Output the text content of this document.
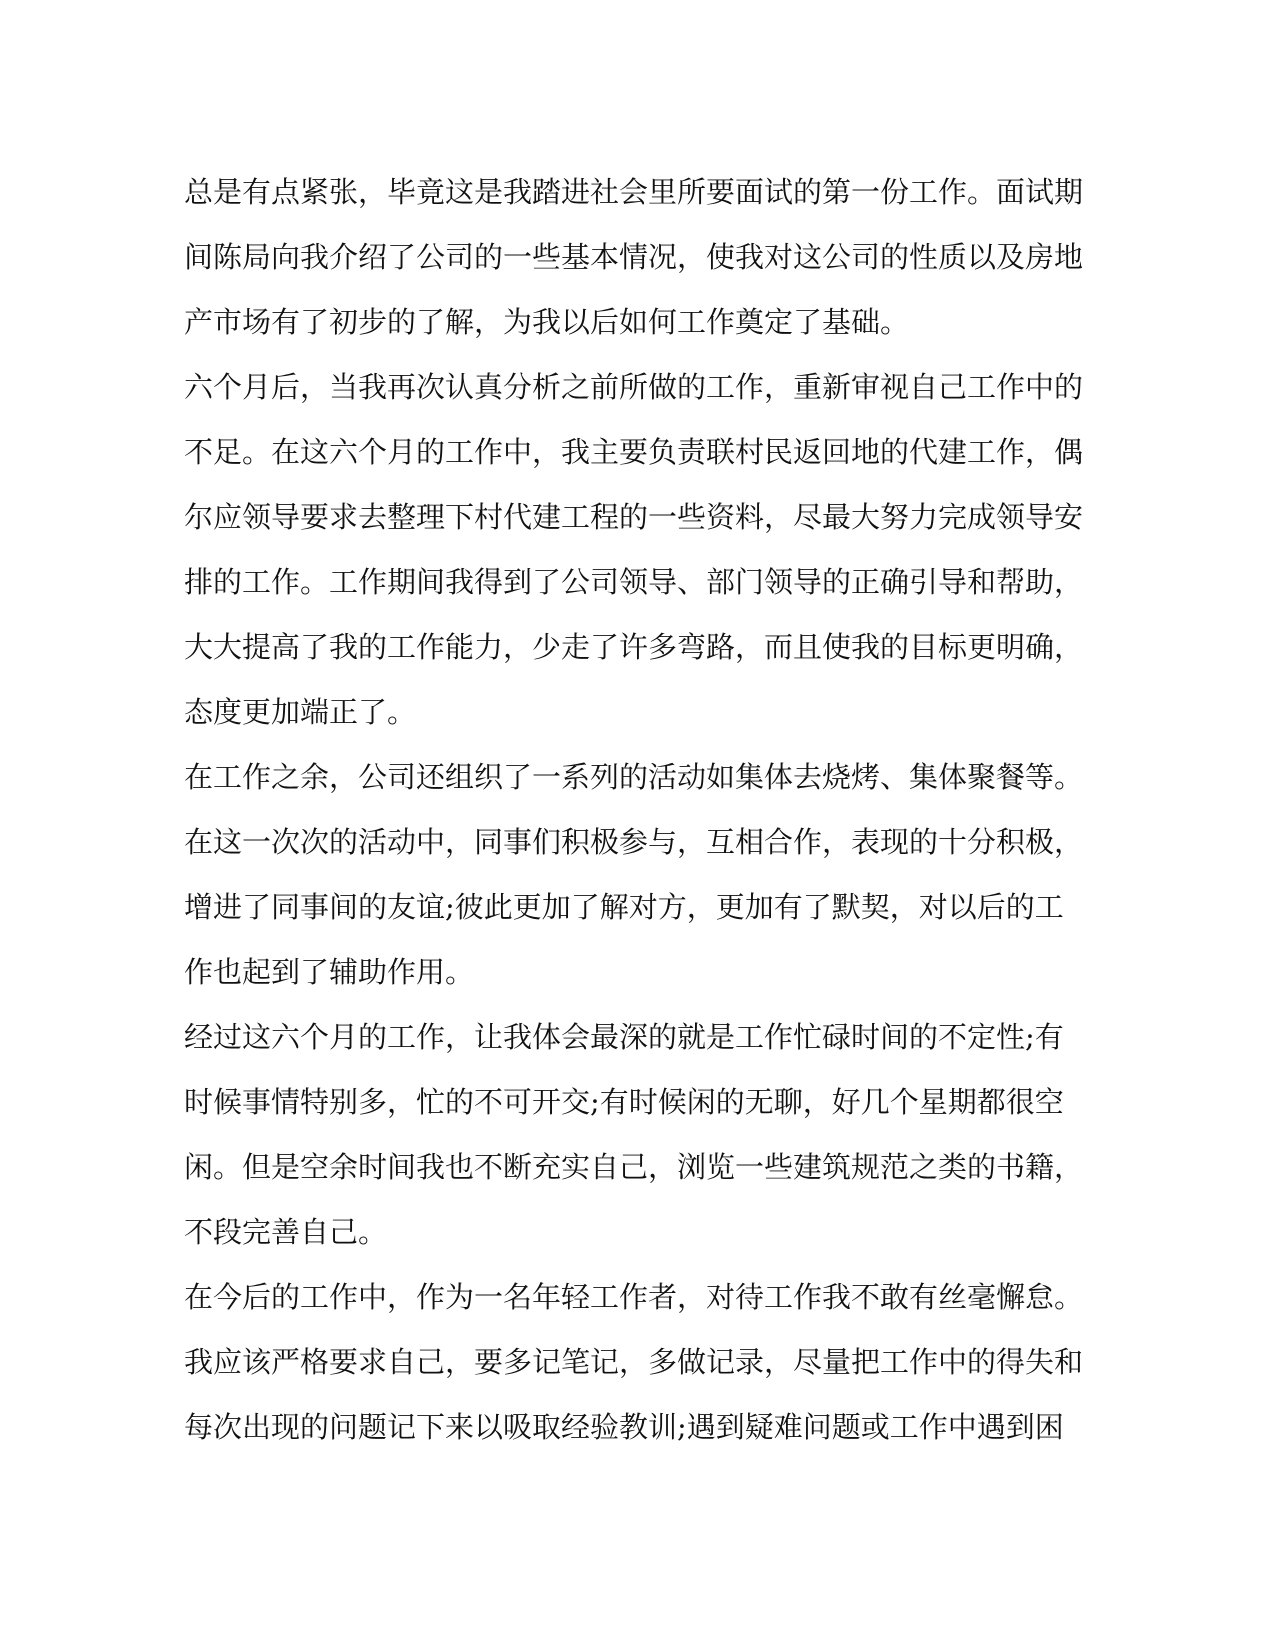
总是有点紧张，毕竟这是我踏进社会里所要面试的第一份工作。面试期
间陈局向我介绍了公司的一些基本情况，使我对这公司的性质以及房地
产市场有了初步的了解，为我以后如何工作奠定了基础。
六个月后，当我再次认真分析之前所做的工作，重新审视自己工作中的
不足。在这六个月的工作中，我主要负责联村民返回地的代建工作，偶
尔应领导要求去整理下村代建工程的一些资料，尽最大努力完成领导安
排的工作。工作期间我得到了公司领导、部门领导的正确引导和帮助，
大大提高了我的工作能力，少走了许多弯路，而且使我的目标更明确，
态度更加端正了。
在工作之余，公司还组织了一系列的活动如集体去烧烤、集体聚餐等。
在这一次次的活动中，同事们积极参与，互相合作，表现的十分积极，
增进了同事间的友谊;彼此更加了解对方，更加有了默契，对以后的工
作也起到了辅助作用。
经过这六个月的工作，让我体会最深的就是工作忙碌时间的不定性;有
时候事情特别多，忙的不可开交;有时候闲的无聊，好几个星期都很空
闲。但是空余时间我也不断充实自己，浏览一些建筑规范之类的书籍，
不段完善自己。
在今后的工作中，作为一名年轻工作者，对待工作我不敢有丝毫懈怠。
我应该严格要求自己，要多记笔记，多做记录，尽量把工作中的得失和
每次出现的问题记下来以吸取经验教训;遇到疑难问题或工作中遇到困
